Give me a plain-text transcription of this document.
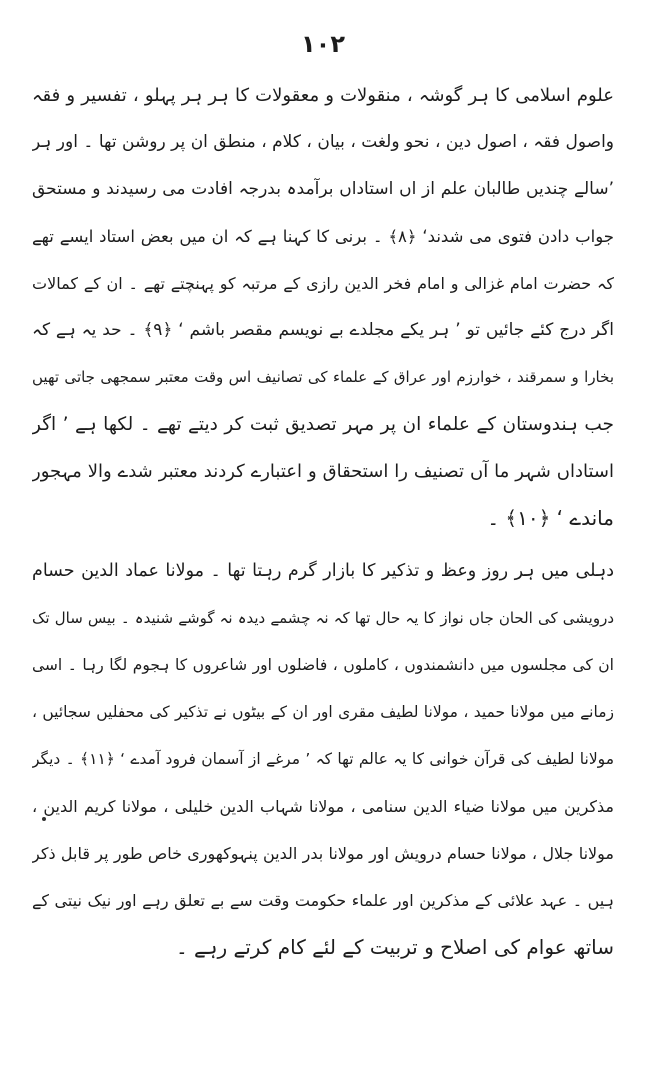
۱۰۲
علوم اسلامی کا ہر گوشہ ، منقولات و معقولات کا ہر ہر پہلو ، تفسیر و فقہ
واصول فقہ ، اصول دین ، نحو ولغت ، بیان ، کلام ، منطق ان پر روشن تھا ۔ اور ہر
’سالے چندیں طالبان علم از اں استاداں برآمدہ بدرجہ افادت می رسیدند و مستحق
جواب دادن فتوی می شدند‘ ﴿۸﴾ ۔ برنی کا کہنا ہے کہ ان میں بعض استاد ایسے تھے
کہ حضرت امام غزالی و امام فخر الدین رازی کے مرتبہ کو پہنچتے تھے ۔ ان کے کمالات
اگر درج کئے جائیں تو ’ ہر یکے مجلدے بے نویسم مقصر باشم ‘ ﴿۹﴾ ۔ حد یہ ہے کہ
بخارا و سمرقند ، خوارزم اور عراق کے علماء کی تصانیف اس وقت معتبر سمجھی جاتی تھیں
جب ہندوستان کے علماء ان پر مہر تصدیق ثبت کر دیتے تھے ۔ لکھا ہے ’ اگر
استاداں شہر ما آں تصنیف را استحقاق و اعتبارے کردند معتبر شدے والا مہجور
ماندے ‘ ﴿۱۰﴾ ۔
دہلی میں ہر روز وعظ و تذکیر کا بازار گرم رہتا تھا ۔ مولانا عماد الدین حسام
درویشی کی الحان جاں نواز کا یہ حال تھا کہ نہ چشمے دیدہ نہ گوشے شنیدہ ۔ بیس سال تک
ان کی مجلسوں میں دانشمندوں ، کاملوں ، فاضلوں اور شاعروں کا ہجوم لگا رہا ۔ اسی
زمانے میں مولانا حمید ، مولانا لطیف مقری اور ان کے بیٹوں نے تذکیر کی محفلیں سجائیں ،
مولانا لطیف کی قرآن خوانی کا یہ عالم تھا کہ ’ مرغے از آسمان فرود آمدے ‘ ﴿۱۱﴾ ۔ دیگر
مذکرین میں مولانا ضیاء الدین سنامی ، مولانا شہاب الدین خلیلی ، مولانا کریم الدین ،
مولانا جلال ، مولانا حسام درویش اور مولانا بدر الدین پنہوکھوری خاص طور پر قابل ذکر
ہیں ۔ عہد علائی کے مذکرین اور علماء حکومت وقت سے بے تعلق رہے اور نیک نیتی کے
ساتھ عوام کی اصلاح و تربیت کے لئے کام کرتے رہے ۔
